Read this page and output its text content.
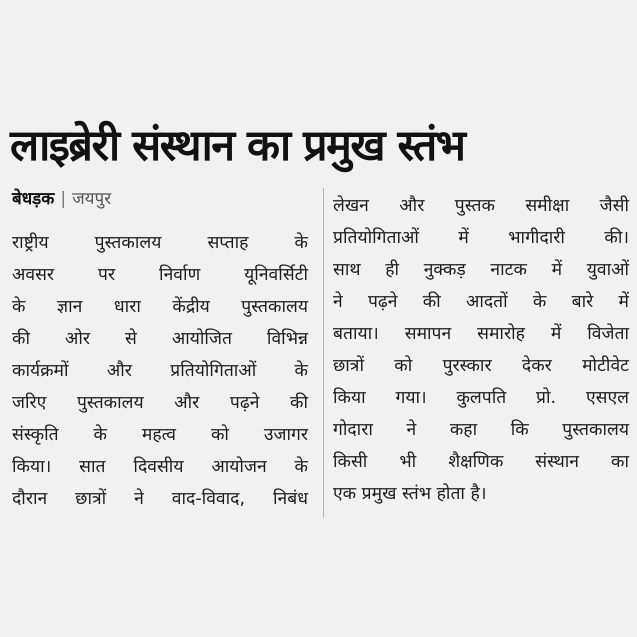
लाइब्रेरी संस्थान का प्रमुख स्तंभ
बेधड़क | जयपुर
राष्ट्रीय पुस्तकालय सप्ताह के
अवसर पर निर्वाण यूनिवर्सिटी
के ज्ञान धारा केंद्रीय पुस्तकालय
की ओर से आयोजित विभिन्न
कार्यक्रमों और प्रतियोगिताओं के
जरिए पुस्तकालय और पढ़ने की
संस्कृति के महत्व को उजागर
किया। सात दिवसीय आयोजन के
दौरान छात्रों ने वाद-विवाद, निबंध
लेखन और पुस्तक समीक्षा जैसी
प्रतियोगिताओं में भागीदारी की।
साथ ही नुक्कड़ नाटक में युवाओं
ने पढ़ने की आदतों के बारे में
बताया। समापन समारोह में विजेता
छात्रों को पुरस्कार देकर मोटीवेट
किया गया। कुलपति प्रो. एसएल
गोदारा ने कहा कि पुस्तकालय
किसी भी शैक्षणिक संस्थान का
एक प्रमुख स्तंभ होता है।
